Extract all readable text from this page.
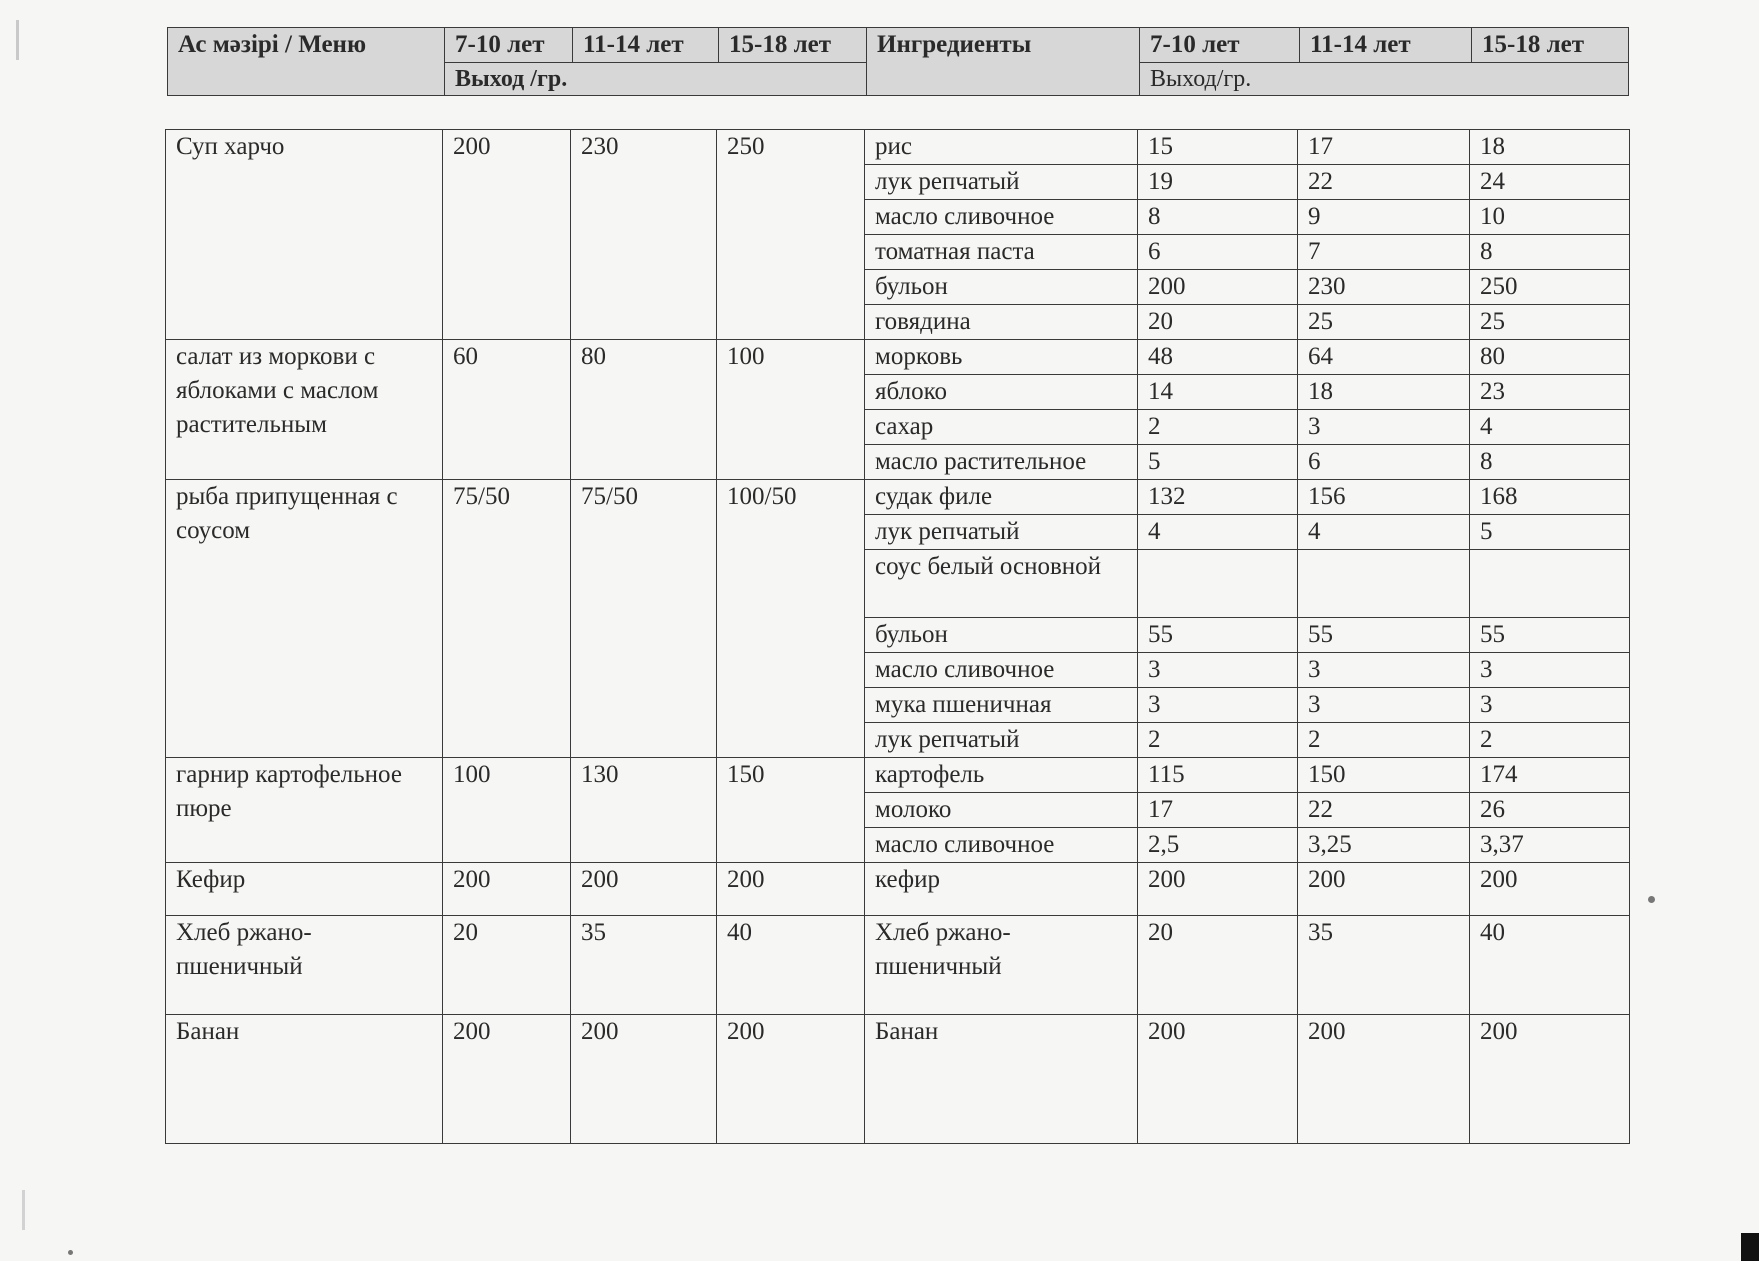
Ас мәзірі / Меню	7-10 лет	11-14 лет	15-18 лет	Ингредиенты	7-10 лет	11-14 лет	15-18 лет
	Выход /гр.				Выход/гр.		
Суп харчо	200	230	250	рис	15	17	18
				лук репчатый	19	22	24
				масло сливочное	8	9	10
				томатная паста	6	7	8
				бульон	200	230	250
				говядина	20	25	25
салат из моркови с яблоками с маслом растительным	60	80	100	морковь	48	64	80
				яблоко	14	18	23
				сахар	2	3	4
				масло растительное	5	6	8
рыба припущенная с соусом	75/50	75/50	100/50	судак филе	132	156	168
				лук репчатый	4	4	5
				соус белый основной			
				бульон	55	55	55
				масло сливочное	3	3	3
				мука пшеничная	3	3	3
				лук репчатый	2	2	2
гарнир картофельное пюре	100	130	150	картофель	115	150	174
				молоко	17	22	26
				масло сливочное	2,5	3,25	3,37
Кефир	200	200	200	кефир	200	200	200
Хлеб ржано-пшеничный	20	35	40	Хлеб ржано-пшеничный	20	35	40
Банан	200	200	200	Банан	200	200	200
